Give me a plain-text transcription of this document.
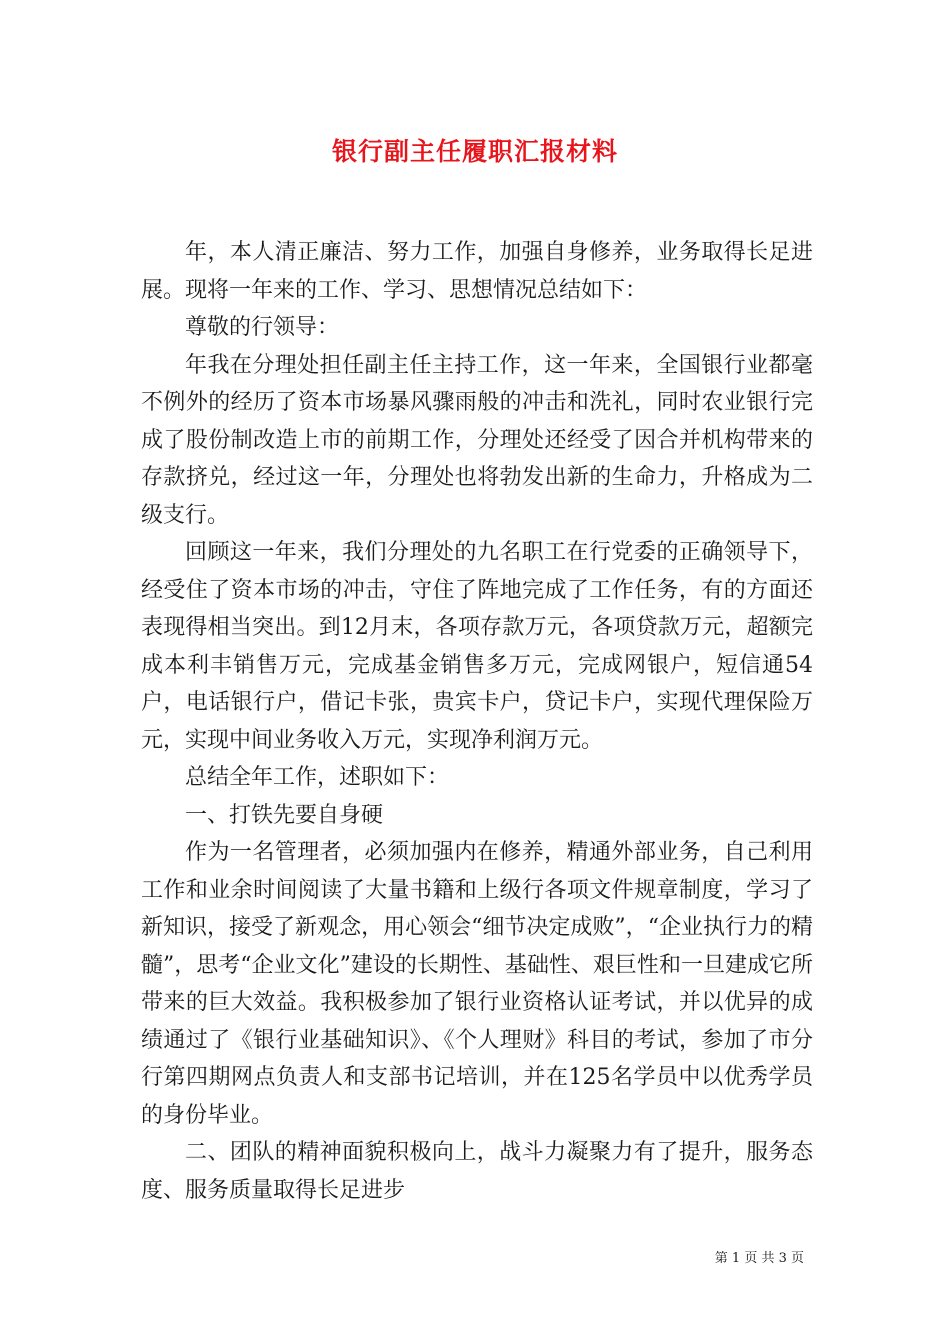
银行副主任履职汇报材料

年，本人清正廉洁、努力工作，加强自身修养，业务取得长足进展。现将一年来的工作、学习、思想情况总结如下：

尊敬的行领导：

年我在分理处担任副主任主持工作，这一年来，全国银行业都毫不例外的经历了资本市场暴风骤雨般的冲击和洗礼，同时农业银行完成了股份制改造上市的前期工作，分理处还经受了因合并机构带来的存款挤兑，经过这一年，分理处也将勃发出新的生命力，升格成为二级支行。

回顾这一年来，我们分理处的九名职工在行党委的正确领导下，经受住了资本市场的冲击，守住了阵地完成了工作任务，有的方面还表现得相当突出。到12月末，各项存款万元，各项贷款万元，超额完成本利丰销售万元，完成基金销售多万元，完成网银户，短信通54户，电话银行户，借记卡张，贵宾卡户，贷记卡户，实现代理保险万元，实现中间业务收入万元，实现净利润万元。

总结全年工作，述职如下：

一、打铁先要自身硬

作为一名管理者，必须加强内在修养，精通外部业务，自己利用工作和业余时间阅读了大量书籍和上级行各项文件规章制度，学习了新知识，接受了新观念，用心领会“细节决定成败”，“企业执行力的精髓”，思考“企业文化”建设的长期性、基础性、艰巨性和一旦建成它所带来的巨大效益。我积极参加了银行业资格认证考试，并以优异的成绩通过了《银行业基础知识》、《个人理财》科目的考试，参加了市分行第四期网点负责人和支部书记培训，并在125名学员中以优秀学员的身份毕业。

二、团队的精神面貌积极向上，战斗力凝聚力有了提升，服务态度、服务质量取得长足进步

第 1 页 共 3 页
